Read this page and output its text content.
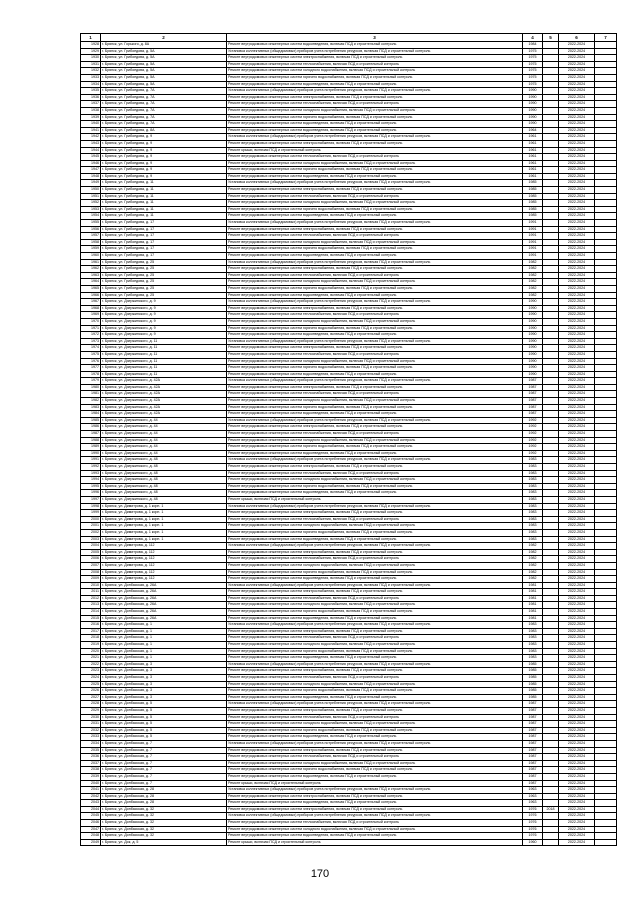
1	2	3	4	5	6	7
1928	г. Брянск, ул. Горького, д. 8А	Ремонт внутридомовых инженерных систем водоотведения, включая ПСД и строительный контроль	1984		2022-2024	
1929	г. Брянск, ул. Грибоедова, д. 5А	Установка коллективных (общедомовых) приборов учета потребления ресурсов, включая ПСД и строительный контроль	1975		2022-2024	
1930	г. Брянск, ул. Грибоедова, д. 5А	Ремонт внутридомовых инженерных систем электроснабжения, включая ПСД и строительный контроль	1975		2022-2024	
1931	г. Брянск, ул. Грибоедова, д. 5А	Ремонт внутридомовых инженерных систем теплоснабжения, включая ПСД и строительный контроль	1975		2022-2024	
1932	г. Брянск, ул. Грибоедова, д. 5А	Ремонт внутридомовых инженерных систем холодного водоснабжения, включая ПСД и строительный контроль	1975		2022-2024	
1933	г. Брянск, ул. Грибоедова, д. 5А	Ремонт внутридомовых инженерных систем горячего водоснабжения, включая ПСД и строительный контроль	1975		2022-2024	
1934	г. Брянск, ул. Грибоедова, д. 5А	Ремонт внутридомовых инженерных систем водоотведения, включая ПСД и строительный контроль	1975		2022-2024	
1935	г. Брянск, ул. Грибоедова, д. 7А	Установка коллективных (общедомовых) приборов учета потребления ресурсов, включая ПСД и строительный контроль	1990		2022-2024	
1936	г. Брянск, ул. Грибоедова, д. 7А	Ремонт внутридомовых инженерных систем электроснабжения, включая ПСД и строительный контроль	1990		2022-2024	
1937	г. Брянск, ул. Грибоедова, д. 7А	Ремонт внутридомовых инженерных систем теплоснабжения, включая ПСД и строительный контроль	1990		2022-2024	
1938	г. Брянск, ул. Грибоедова, д. 7А	Ремонт внутридомовых инженерных систем холодного водоснабжения, включая ПСД и строительный контроль	1990		2022-2024	
1939	г. Брянск, ул. Грибоедова, д. 7А	Ремонт внутридомовых инженерных систем горячего водоснабжения, включая ПСД и строительный контроль	1990		2022-2024	
1940	г. Брянск, ул. Грибоедова, д. 7А	Ремонт внутридомовых инженерных систем водоотведения, включая ПСД и строительный контроль	1990		2022-2024	
1941	г. Брянск, ул. Грибоедова, д. 8А	Ремонт внутридомовых инженерных систем водоотведения, включая ПСД и строительный контроль	1964		2022-2024	
1942	г. Брянск, ул. Грибоедова, д. 9	Установка коллективных (общедомовых) приборов учета потребления ресурсов, включая ПСД и строительный контроль	1961		2022-2024	
1943	г. Брянск, ул. Грибоедова, д. 9	Ремонт внутридомовых инженерных систем электроснабжения, включая ПСД и строительный контроль	1961		2022-2024	
1944	г. Брянск, ул. Грибоедова, д. 9	Ремонт крыши, включая ПСД и строительный контроль	1961		2022-2024	
1945	г. Брянск, ул. Грибоедова, д. 9	Ремонт внутридомовых инженерных систем теплоснабжения, включая ПСД и строительный контроль	1961		2022-2024	
1946	г. Брянск, ул. Грибоедова, д. 9	Ремонт внутридомовых инженерных систем холодного водоснабжения, включая ПСД и строительный контроль	1961		2022-2024	
1947	г. Брянск, ул. Грибоедова, д. 9	Ремонт внутридомовых инженерных систем горячего водоснабжения, включая ПСД и строительный контроль	1961		2022-2024	
1948	г. Брянск, ул. Грибоедова, д. 9	Ремонт внутридомовых инженерных систем водоотведения, включая ПСД и строительный контроль	1961		2022-2024	
1949	г. Брянск, ул. Грибоедова, д. 11	Установка коллективных (общедомовых) приборов учета потребления ресурсов, включая ПСД и строительный контроль	1985		2022-2024	
1950	г. Брянск, ул. Грибоедова, д. 11	Ремонт внутридомовых инженерных систем электроснабжения, включая ПСД и строительный контроль	1985		2022-2024	
1951	г. Брянск, ул. Грибоедова, д. 11	Ремонт внутридомовых инженерных систем теплоснабжения, включая ПСД и строительный контроль	1985		2022-2024	
1952	г. Брянск, ул. Грибоедова, д. 11	Ремонт внутридомовых инженерных систем холодного водоснабжения, включая ПСД и строительный контроль	1985		2022-2024	
1953	г. Брянск, ул. Грибоедова, д. 11	Ремонт внутридомовых инженерных систем горячего водоснабжения, включая ПСД и строительный контроль	1985		2022-2024	
1954	г. Брянск, ул. Грибоедова, д. 11	Ремонт внутридомовых инженерных систем водоотведения, включая ПСД и строительный контроль	1985		2022-2024	
1955	г. Брянск, ул. Грибоедова, д. 17	Установка коллективных (общедомовых) приборов учета потребления ресурсов, включая ПСД и строительный контроль	1991		2022-2024	
1956	г. Брянск, ул. Грибоедова, д. 17	Ремонт внутридомовых инженерных систем электроснабжения, включая ПСД и строительный контроль	1991		2022-2024	
1957	г. Брянск, ул. Грибоедова, д. 17	Ремонт внутридомовых инженерных систем теплоснабжения, включая ПСД и строительный контроль	1991		2022-2024	
1958	г. Брянск, ул. Грибоедова, д. 17	Ремонт внутридомовых инженерных систем холодного водоснабжения, включая ПСД и строительный контроль	1991		2022-2024	
1959	г. Брянск, ул. Грибоедова, д. 17	Ремонт внутридомовых инженерных систем горячего водоснабжения, включая ПСД и строительный контроль	1991		2022-2024	
1960	г. Брянск, ул. Грибоедова, д. 17	Ремонт внутридомовых инженерных систем водоотведения, включая ПСД и строительный контроль	1991		2022-2024	
1961	г. Брянск, ул. Грибоедова, д. 25	Установка коллективных (общедомовых) приборов учета потребления ресурсов, включая ПСД и строительный контроль	1982		2022-2024	
1962	г. Брянск, ул. Грибоедова, д. 25	Ремонт внутридомовых инженерных систем электроснабжения, включая ПСД и строительный контроль	1982		2022-2024	
1963	г. Брянск, ул. Грибоедова, д. 25	Ремонт внутридомовых инженерных систем теплоснабжения, включая ПСД и строительный контроль	1982		2022-2024	
1964	г. Брянск, ул. Грибоедова, д. 25	Ремонт внутридомовых инженерных систем холодного водоснабжения, включая ПСД и строительный контроль	1982		2022-2024	
1965	г. Брянск, ул. Грибоедова, д. 25	Ремонт внутридомовых инженерных систем горячего водоснабжения, включая ПСД и строительный контроль	1982		2022-2024	
1966	г. Брянск, ул. Грибоедова, д. 25	Ремонт внутридомовых инженерных систем водоотведения, включая ПСД и строительный контроль	1982		2022-2024	
1967	г. Брянск, ул. Дзержинского, д. 9	Установка коллективных (общедомовых) приборов учета потребления ресурсов, включая ПСД и строительный контроль	1990		2022-2024	
1968	г. Брянск, ул. Дзержинского, д. 9	Ремонт внутридомовых инженерных систем электроснабжения, включая ПСД и строительный контроль	1990		2022-2024	
1969	г. Брянск, ул. Дзержинского, д. 9	Ремонт внутридомовых инженерных систем теплоснабжения, включая ПСД и строительный контроль	1990		2022-2024	
1970	г. Брянск, ул. Дзержинского, д. 9	Ремонт внутридомовых инженерных систем холодного водоснабжения, включая ПСД и строительный контроль	1990		2022-2024	
1971	г. Брянск, ул. Дзержинского, д. 9	Ремонт внутридомовых инженерных систем горячего водоснабжения, включая ПСД и строительный контроль	1990		2022-2024	
1972	г. Брянск, ул. Дзержинского, д. 9	Ремонт внутридомовых инженерных систем водоотведения, включая ПСД и строительный контроль	1990		2022-2024	
1973	г. Брянск, ул. Дзержинского, д. 11	Установка коллективных (общедомовых) приборов учета потребления ресурсов, включая ПСД и строительный контроль	1990		2022-2024	
1974	г. Брянск, ул. Дзержинского, д. 11	Ремонт внутридомовых инженерных систем электроснабжения, включая ПСД и строительный контроль	1990		2022-2024	
1975	г. Брянск, ул. Дзержинского, д. 11	Ремонт внутридомовых инженерных систем теплоснабжения, включая ПСД и строительный контроль	1990		2022-2024	
1976	г. Брянск, ул. Дзержинского, д. 11	Ремонт внутридомовых инженерных систем холодного водоснабжения, включая ПСД и строительный контроль	1990		2022-2024	
1977	г. Брянск, ул. Дзержинского, д. 11	Ремонт внутридомовых инженерных систем горячего водоснабжения, включая ПСД и строительный контроль	1990		2022-2024	
1978	г. Брянск, ул. Дзержинского, д. 11	Ремонт внутридомовых инженерных систем водоотведения, включая ПСД и строительный контроль	1990		2022-2024	
1979	г. Брянск, ул. Дзержинского, д. 42А	Установка коллективных (общедомовых) приборов учета потребления ресурсов, включая ПСД и строительный контроль	1987		2022-2024	
1980	г. Брянск, ул. Дзержинского, д. 42А	Ремонт внутридомовых инженерных систем электроснабжения, включая ПСД и строительный контроль	1987		2022-2024	
1981	г. Брянск, ул. Дзержинского, д. 42А	Ремонт внутридомовых инженерных систем теплоснабжения, включая ПСД и строительный контроль	1987		2022-2024	
1982	г. Брянск, ул. Дзержинского, д. 42А	Ремонт внутридомовых инженерных систем холодного водоснабжения, включая ПСД и строительный контроль	1987		2022-2024	
1983	г. Брянск, ул. Дзержинского, д. 42А	Ремонт внутридомовых инженерных систем горячего водоснабжения, включая ПСД и строительный контроль	1987		2022-2024	
1984	г. Брянск, ул. Дзержинского, д. 42А	Ремонт внутридомовых инженерных систем водоотведения, включая ПСД и строительный контроль	1987		2022-2024	
1985	г. Брянск, ул. Дзержинского, д. 44	Установка коллективных (общедомовых) приборов учета потребления ресурсов, включая ПСД и строительный контроль	1992		2022-2024	
1986	г. Брянск, ул. Дзержинского, д. 44	Ремонт внутридомовых инженерных систем электроснабжения, включая ПСД и строительный контроль	1992		2022-2024	
1987	г. Брянск, ул. Дзержинского, д. 44	Ремонт внутридомовых инженерных систем теплоснабжения, включая ПСД и строительный контроль	1992		2022-2024	
1988	г. Брянск, ул. Дзержинского, д. 44	Ремонт внутридомовых инженерных систем холодного водоснабжения, включая ПСД и строительный контроль	1992		2022-2024	
1989	г. Брянск, ул. Дзержинского, д. 44	Ремонт внутридомовых инженерных систем горячего водоснабжения, включая ПСД и строительный контроль	1992		2022-2024	
1990	г. Брянск, ул. Дзержинского, д. 44	Ремонт внутридомовых инженерных систем водоотведения, включая ПСД и строительный контроль	1992		2022-2024	
1991	г. Брянск, ул. Дзержинского, д. 48	Установка коллективных (общедомовых) приборов учета потребления ресурсов, включая ПСД и строительный контроль	1983		2022-2024	
1992	г. Брянск, ул. Дзержинского, д. 48	Ремонт внутридомовых инженерных систем электроснабжения, включая ПСД и строительный контроль	1983		2022-2024	
1993	г. Брянск, ул. Дзержинского, д. 48	Ремонт внутридомовых инженерных систем теплоснабжения, включая ПСД и строительный контроль	1983		2022-2024	
1994	г. Брянск, ул. Дзержинского, д. 48	Ремонт внутридомовых инженерных систем холодного водоснабжения, включая ПСД и строительный контроль	1983		2022-2024	
1995	г. Брянск, ул. Дзержинского, д. 48	Ремонт внутридомовых инженерных систем горячего водоснабжения, включая ПСД и строительный контроль	1983		2022-2024	
1996	г. Брянск, ул. Дзержинского, д. 48	Ремонт внутридомовых инженерных систем водоотведения, включая ПСД и строительный контроль	1983		2022-2024	
1997	г. Брянск, ул. Дзержинского, д. 48	Ремонт крыши, включая ПСД и строительный контроль	1983		2022-2024	
1998	г. Брянск, ул. Димитрова, д. 1 корп. 1	Установка коллективных (общедомовых) приборов учета потребления ресурсов, включая ПСД и строительный контроль	1983		2022-2024	
1999	г. Брянск, ул. Димитрова, д. 1 корп. 1	Ремонт внутридомовых инженерных систем электроснабжения, включая ПСД и строительный контроль	1983		2022-2024	
2000	г. Брянск, ул. Димитрова, д. 1 корп. 1	Ремонт внутридомовых инженерных систем теплоснабжения, включая ПСД и строительный контроль	1983		2022-2024	
2001	г. Брянск, ул. Димитрова, д. 1 корп. 1	Ремонт внутридомовых инженерных систем холодного водоснабжения, включая ПСД и строительный контроль	1983		2022-2024	
2002	г. Брянск, ул. Димитрова, д. 1 корп. 1	Ремонт внутридомовых инженерных систем горячего водоснабжения, включая ПСД и строительный контроль	1983		2022-2024	
2003	г. Брянск, ул. Димитрова, д. 1 корп. 1	Ремонт внутридомовых инженерных систем водоотведения, включая ПСД и строительный контроль	1983		2022-2024	
2004	г. Брянск, ул. Димитрова, д. 112	Установка коллективных (общедомовых) приборов учета потребления ресурсов, включая ПСД и строительный контроль	1982		2022-2024	
2005	г. Брянск, ул. Димитрова, д. 112	Ремонт внутридомовых инженерных систем электроснабжения, включая ПСД и строительный контроль	1982		2022-2024	
2006	г. Брянск, ул. Димитрова, д. 112	Ремонт внутридомовых инженерных систем теплоснабжения, включая ПСД и строительный контроль	1982		2022-2024	
2007	г. Брянск, ул. Димитрова, д. 112	Ремонт внутридомовых инженерных систем холодного водоснабжения, включая ПСД и строительный контроль	1982		2022-2024	
2008	г. Брянск, ул. Димитрова, д. 112	Ремонт внутридомовых инженерных систем горячего водоснабжения, включая ПСД и строительный контроль	1982		2022-2024	
2009	г. Брянск, ул. Димитрова, д. 112	Ремонт внутридомовых инженерных систем водоотведения, включая ПСД и строительный контроль	1982		2022-2024	
2010	г. Брянск, ул. Донбасская, д. 26А	Установка коллективных (общедомовых) приборов учета потребления ресурсов, включая ПСД и строительный контроль	1981		2022-2024	
2011	г. Брянск, ул. Донбасская, д. 26А	Ремонт внутридомовых инженерных систем электроснабжения, включая ПСД и строительный контроль	1981		2022-2024	
2012	г. Брянск, ул. Донбасская, д. 26А	Ремонт внутридомовых инженерных систем теплоснабжения, включая ПСД и строительный контроль	1981		2022-2024	
2013	г. Брянск, ул. Донбасская, д. 26А	Ремонт внутридомовых инженерных систем холодного водоснабжения, включая ПСД и строительный контроль	1981		2022-2024	
2014	г. Брянск, ул. Донбасская, д. 26А	Ремонт внутридомовых инженерных систем горячего водоснабжения, включая ПСД и строительный контроль	1981		2022-2024	
2015	г. Брянск, ул. Донбасская, д. 26А	Ремонт внутридомовых инженерных систем водоотведения, включая ПСД и строительный контроль	1981		2022-2024	
2016	г. Брянск, ул. Донбасская, д. 1	Установка коллективных (общедомовых) приборов учета потребления ресурсов, включая ПСД и строительный контроль	1983		2022-2024	
2017	г. Брянск, ул. Донбасская, д. 1	Ремонт внутридомовых инженерных систем электроснабжения, включая ПСД и строительный контроль	1983		2022-2024	
2018	г. Брянск, ул. Донбасская, д. 1	Ремонт внутридомовых инженерных систем теплоснабжения, включая ПСД и строительный контроль	1983		2022-2024	
2019	г. Брянск, ул. Донбасская, д. 1	Ремонт внутридомовых инженерных систем холодного водоснабжения, включая ПСД и строительный контроль	1983		2022-2024	
2020	г. Брянск, ул. Донбасская, д. 1	Ремонт внутридомовых инженерных систем горячего водоснабжения, включая ПСД и строительный контроль	1983		2022-2024	
2021	г. Брянск, ул. Донбасская, д. 1	Ремонт внутридомовых инженерных систем водоотведения, включая ПСД и строительный контроль	1983		2022-2024	
2022	г. Брянск, ул. Донбасская, д. 3	Установка коллективных (общедомовых) приборов учета потребления ресурсов, включая ПСД и строительный контроль	1985		2022-2024	
2023	г. Брянск, ул. Донбасская, д. 3	Ремонт внутридомовых инженерных систем электроснабжения, включая ПСД и строительный контроль	1985		2022-2024	
2024	г. Брянск, ул. Донбасская, д. 3	Ремонт внутридомовых инженерных систем теплоснабжения, включая ПСД и строительный контроль	1985		2022-2024	
2025	г. Брянск, ул. Донбасская, д. 3	Ремонт внутридомовых инженерных систем холодного водоснабжения, включая ПСД и строительный контроль	1985		2022-2024	
2026	г. Брянск, ул. Донбасская, д. 3	Ремонт внутридомовых инженерных систем горячего водоснабжения, включая ПСД и строительный контроль	1985		2022-2024	
2027	г. Брянск, ул. Донбасская, д. 3	Ремонт внутридомовых инженерных систем водоотведения, включая ПСД и строительный контроль	1985		2022-2024	
2028	г. Брянск, ул. Донбасская, д. 5	Установка коллективных (общедомовых) приборов учета потребления ресурсов, включая ПСД и строительный контроль	1987		2022-2024	
2029	г. Брянск, ул. Донбасская, д. 5	Ремонт внутридомовых инженерных систем электроснабжения, включая ПСД и строительный контроль	1987		2022-2024	
2030	г. Брянск, ул. Донбасская, д. 5	Ремонт внутридомовых инженерных систем теплоснабжения, включая ПСД и строительный контроль	1987		2022-2024	
2031	г. Брянск, ул. Донбасская, д. 5	Ремонт внутридомовых инженерных систем холодного водоснабжения, включая ПСД и строительный контроль	1987		2022-2024	
2032	г. Брянск, ул. Донбасская, д. 5	Ремонт внутридомовых инженерных систем горячего водоснабжения, включая ПСД и строительный контроль	1987		2022-2024	
2033	г. Брянск, ул. Донбасская, д. 5	Ремонт внутридомовых инженерных систем водоотведения, включая ПСД и строительный контроль	1987		2022-2024	
2034	г. Брянск, ул. Донбасская, д. 7	Установка коллективных (общедомовых) приборов учета потребления ресурсов, включая ПСД и строительный контроль	1987		2022-2024	
2035	г. Брянск, ул. Донбасская, д. 7	Ремонт внутридомовых инженерных систем электроснабжения, включая ПСД и строительный контроль	1987		2022-2024	
2036	г. Брянск, ул. Донбасская, д. 7	Ремонт внутридомовых инженерных систем теплоснабжения, включая ПСД и строительный контроль	1987		2022-2024	
2037	г. Брянск, ул. Донбасская, д. 7	Ремонт внутридомовых инженерных систем холодного водоснабжения, включая ПСД и строительный контроль	1987		2022-2024	
2038	г. Брянск, ул. Донбасская, д. 7	Ремонт внутридомовых инженерных систем горячего водоснабжения, включая ПСД и строительный контроль	1987		2022-2024	
2039	г. Брянск, ул. Донбасская, д. 7	Ремонт внутридомовых инженерных систем водоотведения, включая ПСД и строительный контроль	1987		2022-2024	
2040	г. Брянск, ул. Донбасская, д. 7	Ремонт крыши, включая ПСД и строительный контроль	1987		2022-2024	
2041	г. Брянск, ул. Донбасская, д. 28	Установка коллективных (общедомовых) приборов учета потребления ресурсов, включая ПСД и строительный контроль	1963		2022-2024	
2042	г. Брянск, ул. Донбасская, д. 28	Ремонт внутридомовых инженерных систем электроснабжения, включая ПСД и строительный контроль	1963		2022-2024	
2043	г. Брянск, ул. Донбасская, д. 28	Ремонт внутридомовых инженерных систем водоотведения, включая ПСД и строительный контроль	1963		2022-2024	
2044	г. Брянск, ул. Донбасская, д. 32	Ремонт внутридомовых инженерных систем электроснабжения, включая ПСД и строительный контроль	1976	2018	2022-2024	
2045	г. Брянск, ул. Донбасская, д. 32	Установка коллективных (общедомовых) приборов учета потребления ресурсов, включая ПСД и строительный контроль	1976		2022-2024	
2046	г. Брянск, ул. Донбасская, д. 32	Ремонт внутридомовых инженерных систем теплоснабжения, включая ПСД и строительный контроль	1976		2022-2024	
2047	г. Брянск, ул. Донбасская, д. 32	Ремонт внутридомовых инженерных систем холодного водоснабжения, включая ПСД и строительный контроль	1976		2022-2024	
2048	г. Брянск, ул. Донбасская, д. 32	Ремонт внутридомовых инженерных систем водоотведения, включая ПСД и строительный контроль	1976		2022-2024	
2049	г. Брянск, ул. Док, д. 5	Ремонт крыши, включая ПСД и строительный контроль	1960		2022-2024	
170
